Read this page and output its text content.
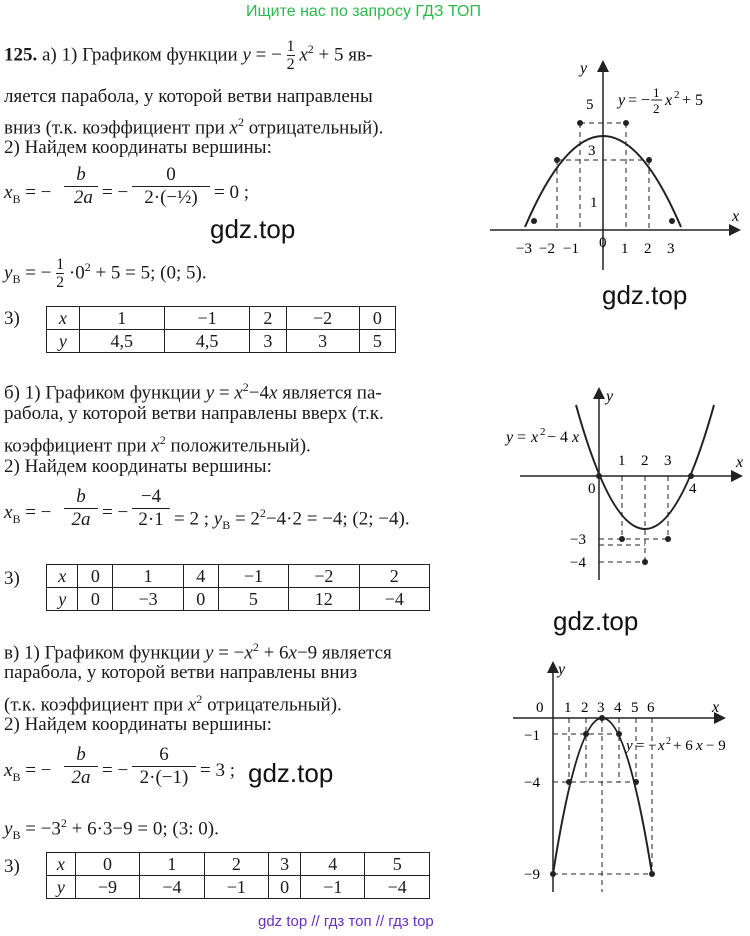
Ищите нас по запросу ГДЗ ТОП
125. а) 1) Графиком функции y = − $\frac{1}{2} x^2 + 5$ яв-
ляется парабола, у которой ветви направлены
вниз (т.к. коэффициент при $x^2$ отрицательный).
2) Найдем координаты вершины:
$x_В$ = −
b
2a = −
0
2·(−½) = 0 ;
gdz.top
$y_В$ = − $\frac{1}{2} \cdot 0^2 + 5 = 5$; (0; 5).
3) x	1	−1	2	−2	0
y	4,5	4,5	3	3	5
x
y
−3 −2 −1 0 1 2 3
5
3
1
y = − 1
2 x 2 + 5
gdz.top
б) 1) Графиком функции $y = x^2-4x$ является па-
рабола, у которой ветви направлены вверх (т.к.
коэффициент при $x^2$ положительный).
2) Найдем координаты вершины:
$x_В$ = −
b
2a = −
−4
2·1 = 2 ; $y_В = 2^2-4\cdot 2 = -4$; (2; −4).
3) x	0	1	4	−1	−2	2
y	0	−3	0	5	12	−4
x
y
1 2 3
4
0
−3
−4
y = x 2 − 4 x
gdz.top
в) 1) Графиком функции $y = -x^2 + 6x-9$ является
парабола, у которой ветви направлены вниз
(т.к. коэффициент при $x^2$ отрицательный).
2) Найдем координаты вершины:
$x_В$ = −
b
2a = −
6
2·(−1) = 3 ; gdz.top
$y_В = -3^2 + 6\cdot 3-9 = 0$; (3: 0).
3) x	0	1	2	3	4	5
y	−9	−4	−1	0	−1	−4
x
y
0 1 2 3 4 5 6
−1
−4
−9
y = − x 2 + 6 x − 9
gdz top // гдз топ // гдз top
